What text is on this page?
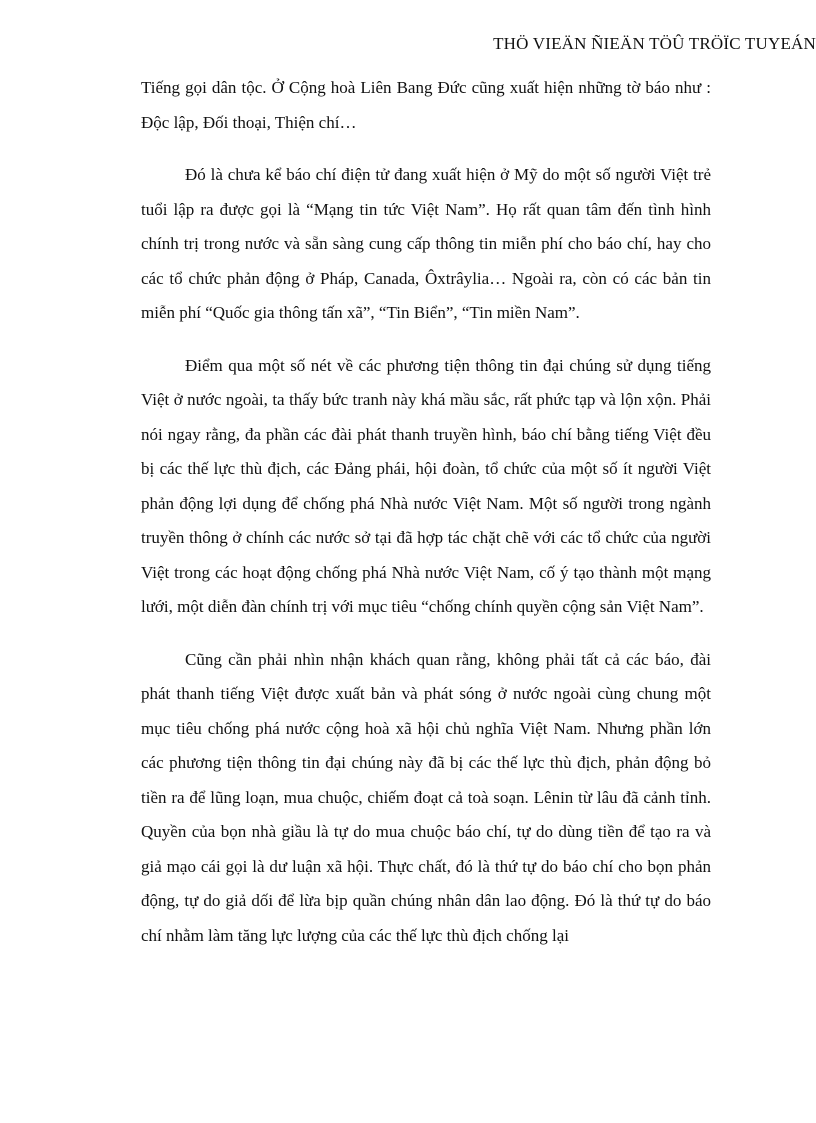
THÖ VIEÄN ÑIEÄN TÖÛ TRÖÏC TUYEÁN

Tiếng gọi dân tộc. Ở Cộng hoà Liên Bang Đức cũng xuất hiện những tờ báo như : Độc lập, Đối thoại, Thiện chí…

Đó là chưa kể báo chí điện tử đang xuất hiện ở Mỹ do một số người Việt trẻ tuổi lập ra được gọi là “Mạng tin tức Việt Nam”. Họ rất quan tâm đến tình hình chính trị trong nước và sẵn sàng cung cấp thông tin miễn phí cho báo chí, hay cho các tổ chức phản động ở Pháp, Canada, Ôxtrâylia… Ngoài ra, còn có các bản tin miễn phí “Quốc gia thông tấn xã”, “Tin Biển”, “Tin miền Nam”.

Điểm qua một số nét về các phương tiện thông tin đại chúng sử dụng tiếng Việt ở nước ngoài, ta thấy bức tranh này khá mầu sắc, rất phức tạp và lộn xộn. Phải nói ngay rằng, đa phần các đài phát thanh truyền hình, báo chí bằng tiếng Việt đều bị các thế lực thù địch, các Đảng phái, hội đoàn, tổ chức của một số ít người Việt phản động lợi dụng để chống phá Nhà nước Việt Nam. Một số người trong ngành truyền thông ở chính các nước sở tại đã hợp tác chặt chẽ với các tổ chức của người Việt trong các hoạt động chống phá Nhà nước Việt Nam, cố ý tạo thành một mạng lưới, một diễn đàn chính trị với mục tiêu “chống chính quyền cộng sản Việt Nam”.

Cũng cần phải nhìn nhận khách quan rằng, không phải tất cả các báo, đài phát thanh tiếng Việt được xuất bản và phát sóng ở nước ngoài cùng chung một mục tiêu chống phá nước cộng hoà xã hội chủ nghĩa Việt Nam. Nhưng phần lớn các phương tiện thông tin đại chúng này đã bị các thế lực thù địch, phản động bỏ tiền ra để lũng loạn, mua chuộc, chiếm đoạt cả toà soạn. Lênin từ lâu đã cảnh tỉnh. Quyền của bọn nhà giầu là tự do mua chuộc báo chí, tự do dùng tiền để tạo ra và giả mạo cái gọi là dư luận xã hội. Thực chất, đó là thứ tự do báo chí cho bọn phản động, tự do giả dối để lừa bịp quần chúng nhân dân lao động. Đó là thứ tự do báo chí nhằm làm tăng lực lượng của các thế lực thù địch chống lại
